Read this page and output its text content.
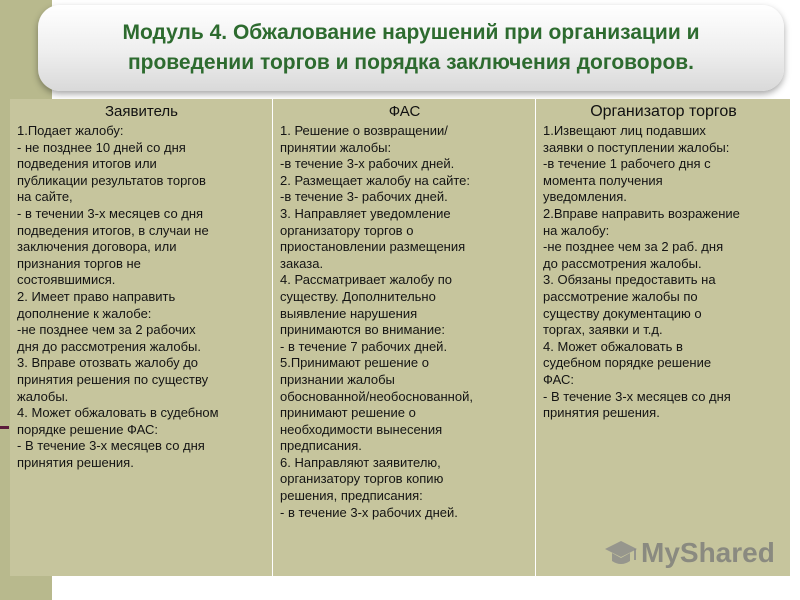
Модуль 4. Обжалование нарушений при организации и
проведении торгов и порядка заключения договоров.
Заявитель
1.Подает жалобу:
- не позднее 10 дней со дня
подведения итогов или
публикации результатов торгов
на сайте,
- в течении 3-х месяцев со дня
подведения итогов, в случаи не
заключения договора, или
признания торгов не
состоявшимися.
2. Имеет право направить
дополнение к жалобе:
-не позднее чем за 2 рабочих
дня до рассмотрения жалобы.
3. Вправе отозвать жалобу до
принятия решения по существу
жалобы.
4. Может обжаловать в судебном
порядке решение ФАС:
- В течение 3-х месяцев со дня
принятия решения.
ФАС
1. Решение о возвращении/
принятии жалобы:
-в течение 3-х рабочих дней.
2. Размещает жалобу на сайте:
-в течение 3- рабочих дней.
3. Направляет уведомление
организатору торгов о
приостановлении размещения
заказа.
4. Рассматривает жалобу по
существу. Дополнительно
выявление нарушения
принимаются во внимание:
- в течение 7 рабочих дней.
5.Принимают решение о
признании жалобы
обоснованной/необоснованной,
принимают решение о
необходимости вынесения
предписания.
6. Направляют заявителю,
организатору торгов копию
решения, предписания:
- в течение 3-х рабочих дней.
Организатор торгов
1.Извещают лиц подавших
заявки о поступлении жалобы:
-в течение 1 рабочего дня с
момента получения
уведомления.
2.Вправе направить возражение
на жалобу:
-не позднее чем за 2 раб. дня
до рассмотрения жалобы.
3. Обязаны предоставить на
рассмотрение жалобы по
существу документацию о
торгах, заявки и т.д.
4. Может обжаловать в
судебном порядке решение
ФАС:
- В течение 3-х месяцев со дня
принятия решения.
MyShared
